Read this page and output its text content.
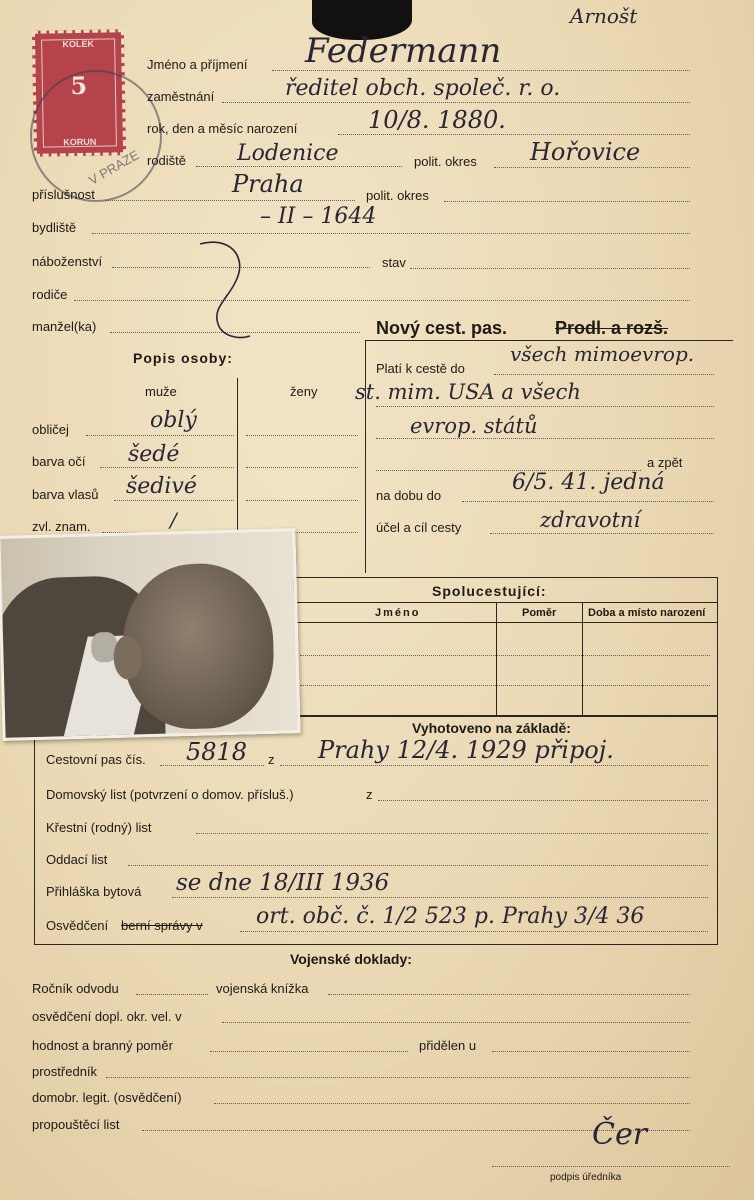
Arnošt
KOLEK
5
KORUN
V PRAZE
Jméno a příjmení Federmann
zaměstnání	ředitel obch. společ. r. o.
rok, den a měsíc narození	10/8. 1880.
rodiště Lodenice	polit. okres Hořovice
příslušnost	Praha	polit. okres
bydliště	– II – 1644
náboženství	stav
rodiče
manžel(ka)
Popis osoby:
muže	ženy
obličej	oblý
barva očí šedé
barva vlasů šedivé
zvl. znam.	/
Nový cest. pas.	Prodl. a rozš.
Platí k cestě do
všech mimoevrop.
st. mim. USA a všech
evrop. států
a zpět
na dobu do
6/5. 41. jedná
účel a cíl cesty	zdravotní
Spolucestující:
Jméno	Poměr	Doba a místo narození
Vyhotoveno na základě:
Cestovní pas čís. 5818 z Prahy 12/4. 1929 připoj.
Domovský list (potvrzení o domov. přísluš.)	z
Křestní (rodný) list
Oddací list
Přihláška bytová se dne 18/III 1936
Osvědčení berní správy v ort. obč. č. 1/2 523 p. Prahy 3/4 36
Vojenské doklady:
Ročník odvodu	vojenská knížka
osvědčení dopl. okr. vel. v
hodnost a branný poměr	přidělen u
prostředník
domobr. legit. (osvědčení)
propouštěcí list	Čer
podpis úředníka
